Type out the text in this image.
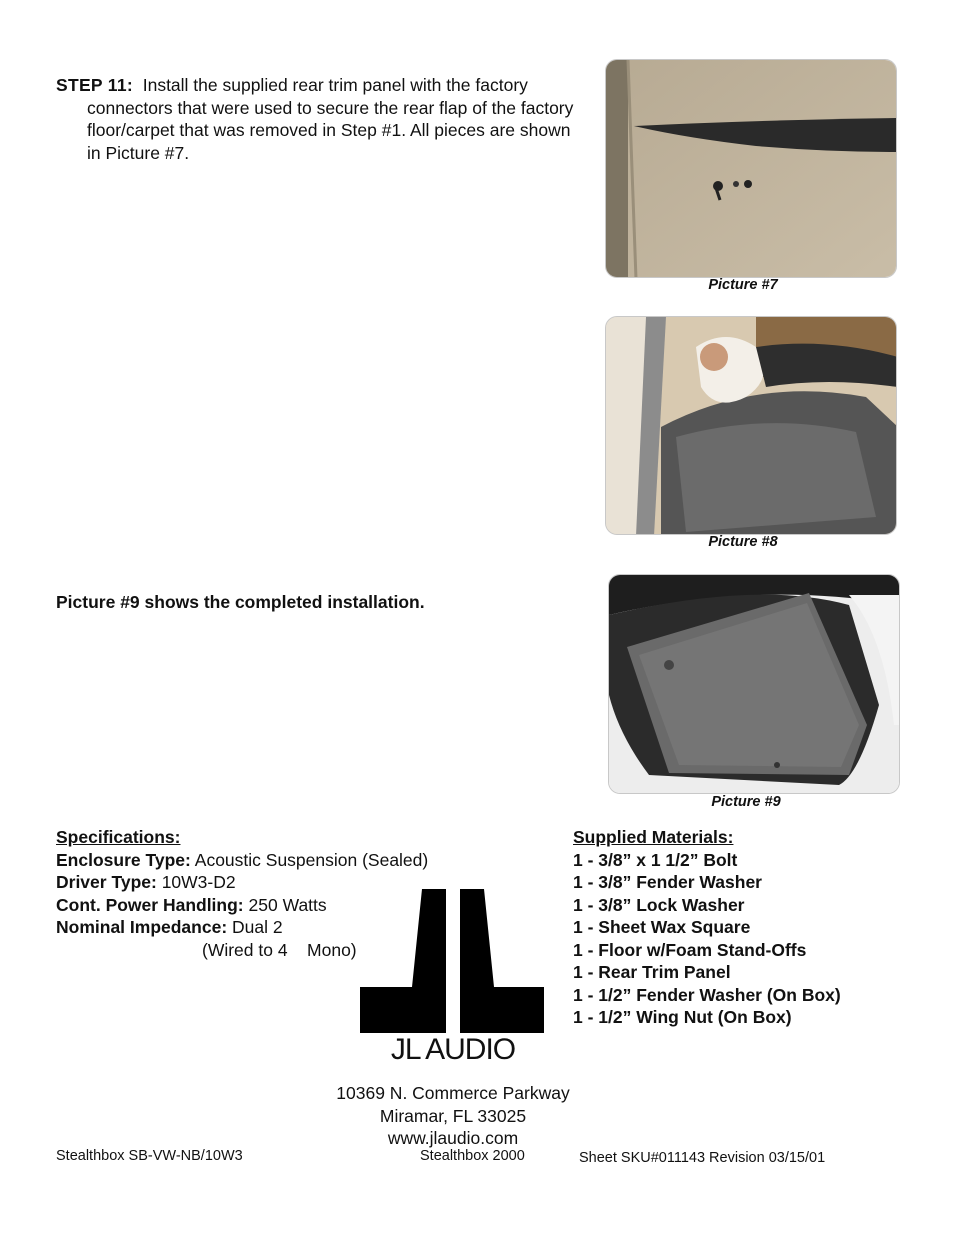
STEP 11: Install the supplied rear trim panel with the factory connectors that were used to secure the rear flap of the factory floor/carpet that was removed in Step #1. All pieces are shown in Picture #7.
Picture #7
Picture #8
Picture #9 shows the completed installation.
Picture #9
Specifications:
Enclosure Type: Acoustic Suspension (Sealed)
Driver Type: 10W3-D2
Cont. Power Handling: 250 Watts
Nominal Impedance: Dual 2
(Wired to 4    Mono)
JL AUDIO
Supplied Materials:
1 - 3/8” x 1 1/2” Bolt
1 - 3/8” Fender Washer
1 - 3/8” Lock Washer
1 - Sheet Wax Square
1 - Floor w/Foam Stand-Offs
1 - Rear Trim Panel
1 - 1/2” Fender Washer (On Box)
1 - 1/2” Wing Nut (On Box)
10369 N. Commerce Parkway
Miramar, FL 33025
www.jlaudio.com
Stealthbox SB-VW-NB/10W3	Stealthbox 2000	Sheet SKU#011143 Revision 03/15/01
